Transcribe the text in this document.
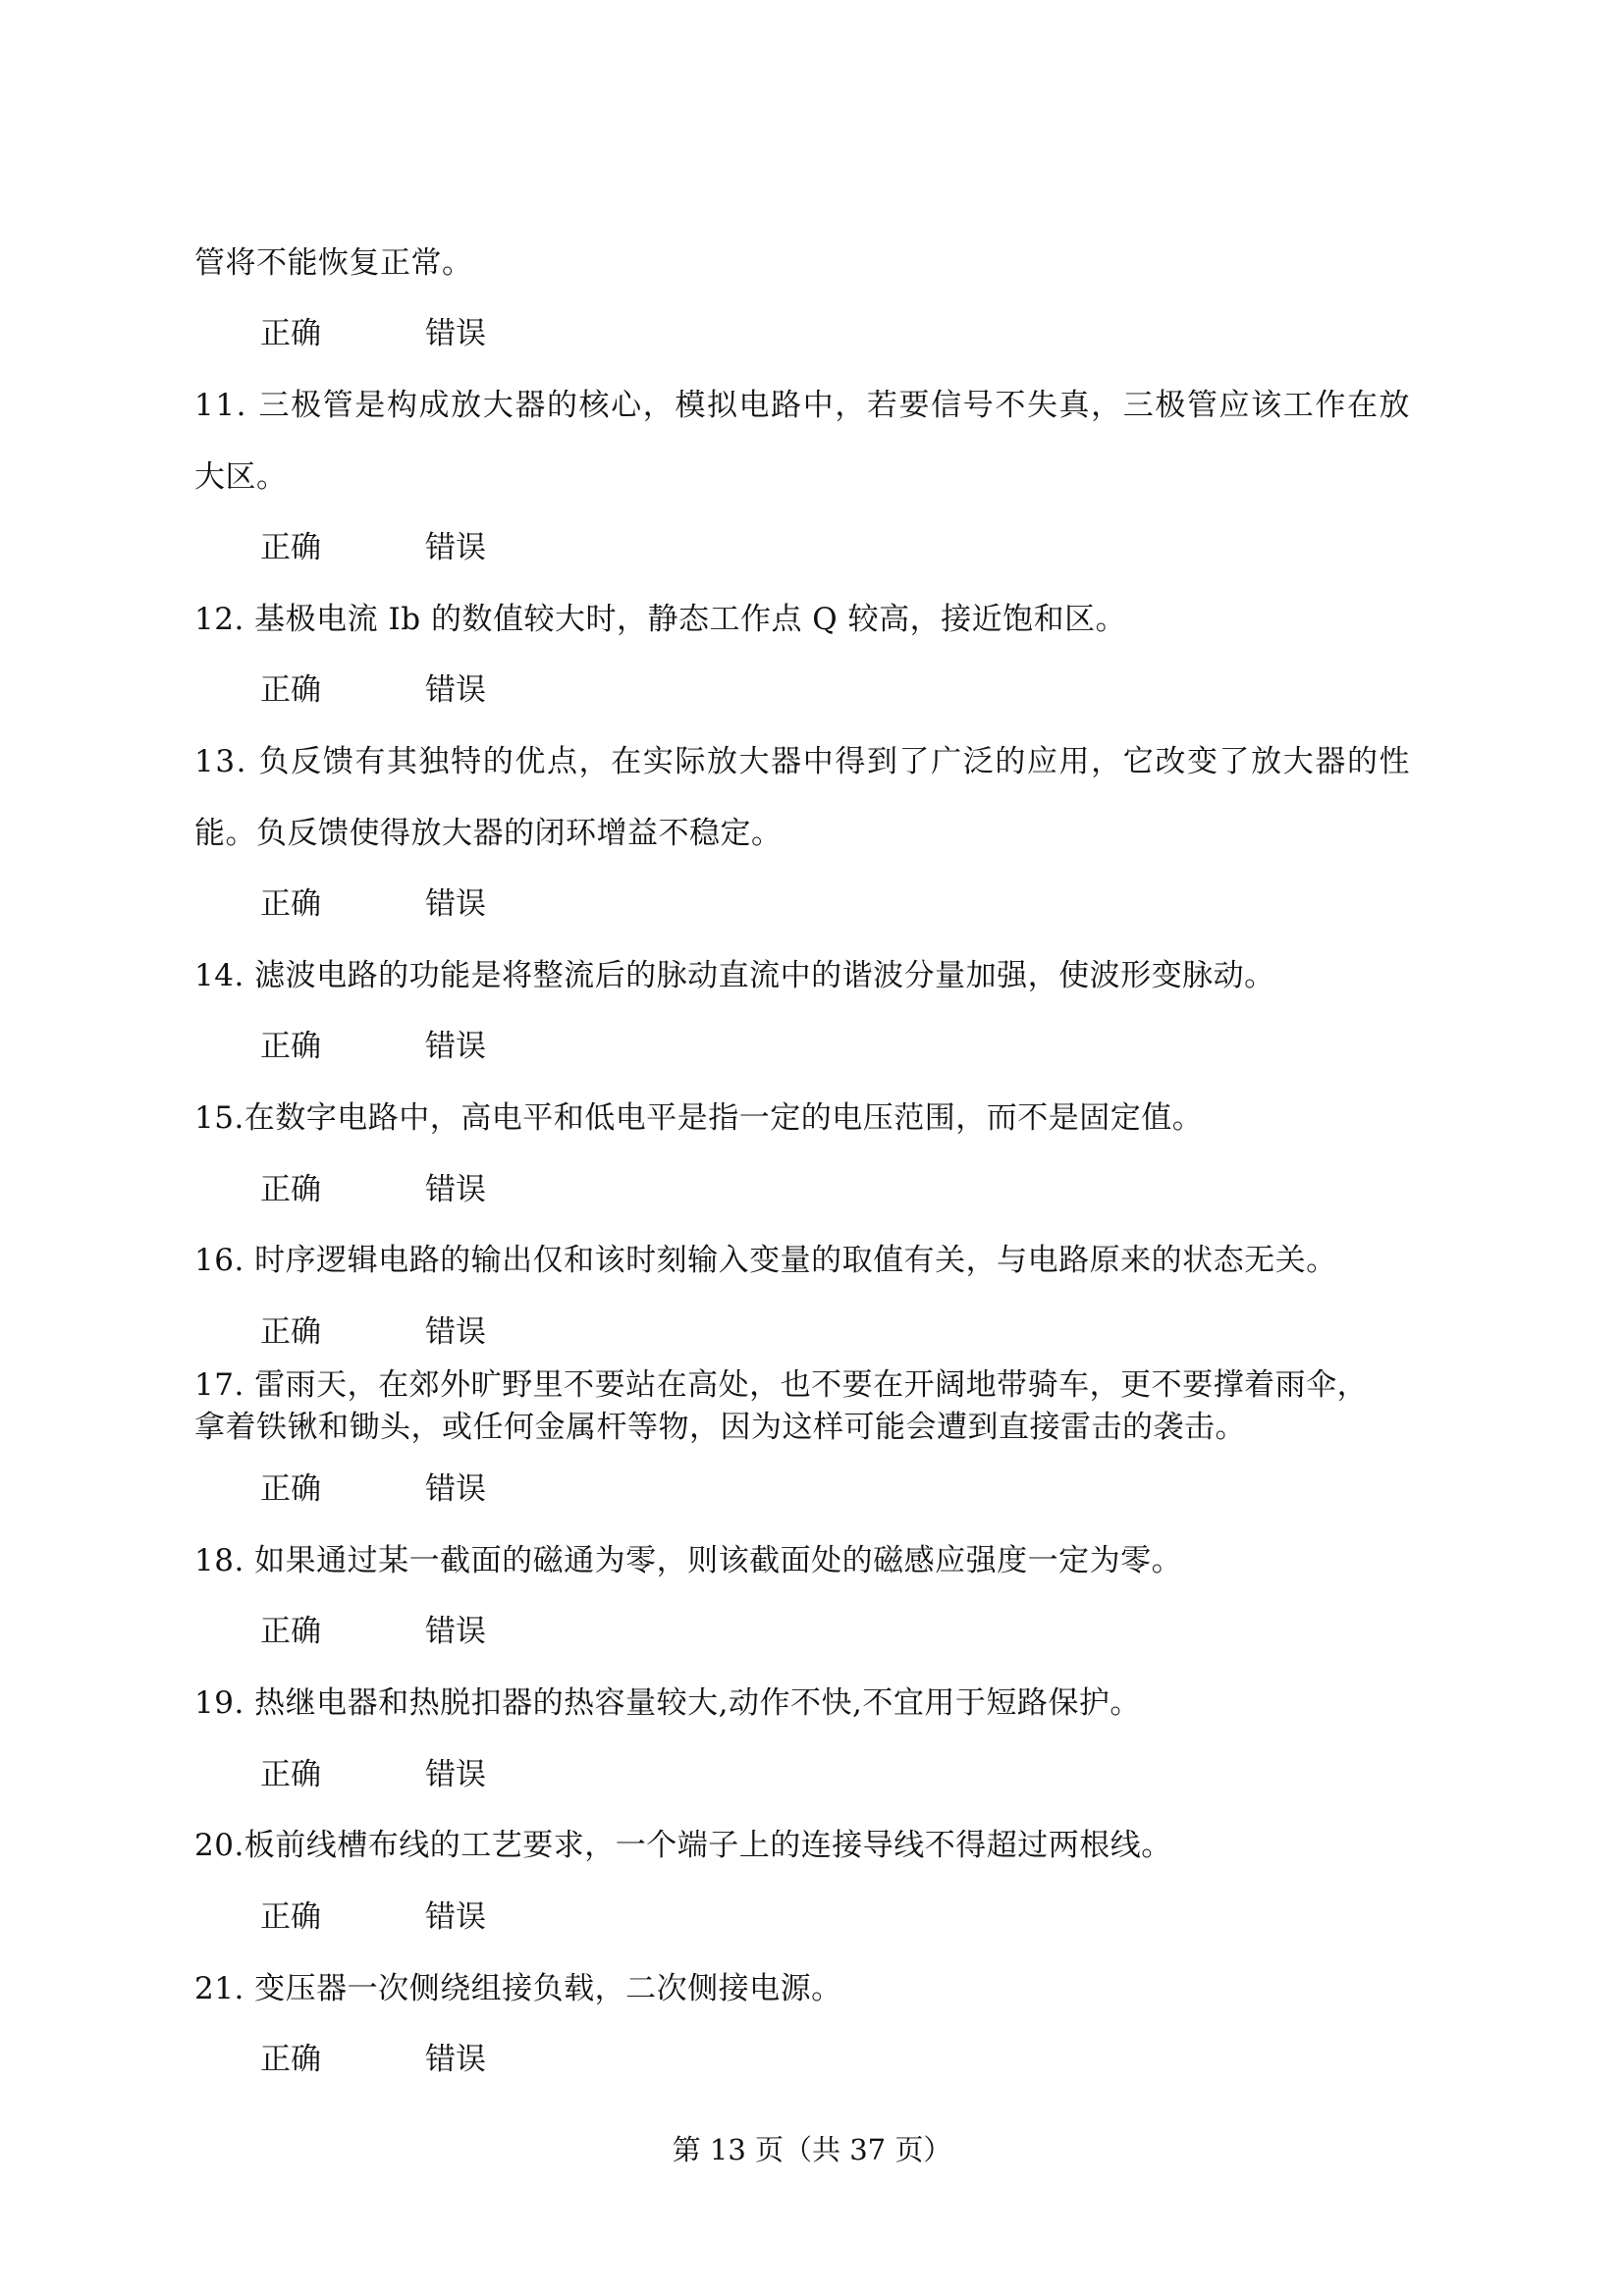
管将不能恢复正常。
正确	错误
11. 三极管是构成放大器的核心，模拟电路中，若要信号不失真，三极管应该工作在放
大区。
正确	错误
12. 基极电流 Ib 的数值较大时，静态工作点 Q 较高，接近饱和区。
正确	错误
13. 负反馈有其独特的优点，在实际放大器中得到了广泛的应用，它改变了放大器的性
能。负反馈使得放大器的闭环增益不稳定。
正确	错误
14. 滤波电路的功能是将整流后的脉动直流中的谐波分量加强，使波形变脉动。
正确	错误
15.在数字电路中，高电平和低电平是指一定的电压范围，而不是固定值。
正确	错误
16. 时序逻辑电路的输出仅和该时刻输入变量的取值有关，与电路原来的状态无关。
正确	错误
17. 雷雨天，在郊外旷野里不要站在高处，也不要在开阔地带骑车，更不要撑着雨伞，
拿着铁锹和锄头，或任何金属杆等物，因为这样可能会遭到直接雷击的袭击。
正确	错误
18. 如果通过某一截面的磁通为零，则该截面处的磁感应强度一定为零。
正确	错误
19. 热继电器和热脱扣器的热容量较大,动作不快,不宜用于短路保护。
正确	错误
20.板前线槽布线的工艺要求，一个端子上的连接导线不得超过两根线。
正确	错误
21. 变压器一次侧绕组接负载，二次侧接电源。
正确	错误
第 13 页（共 37 页）
